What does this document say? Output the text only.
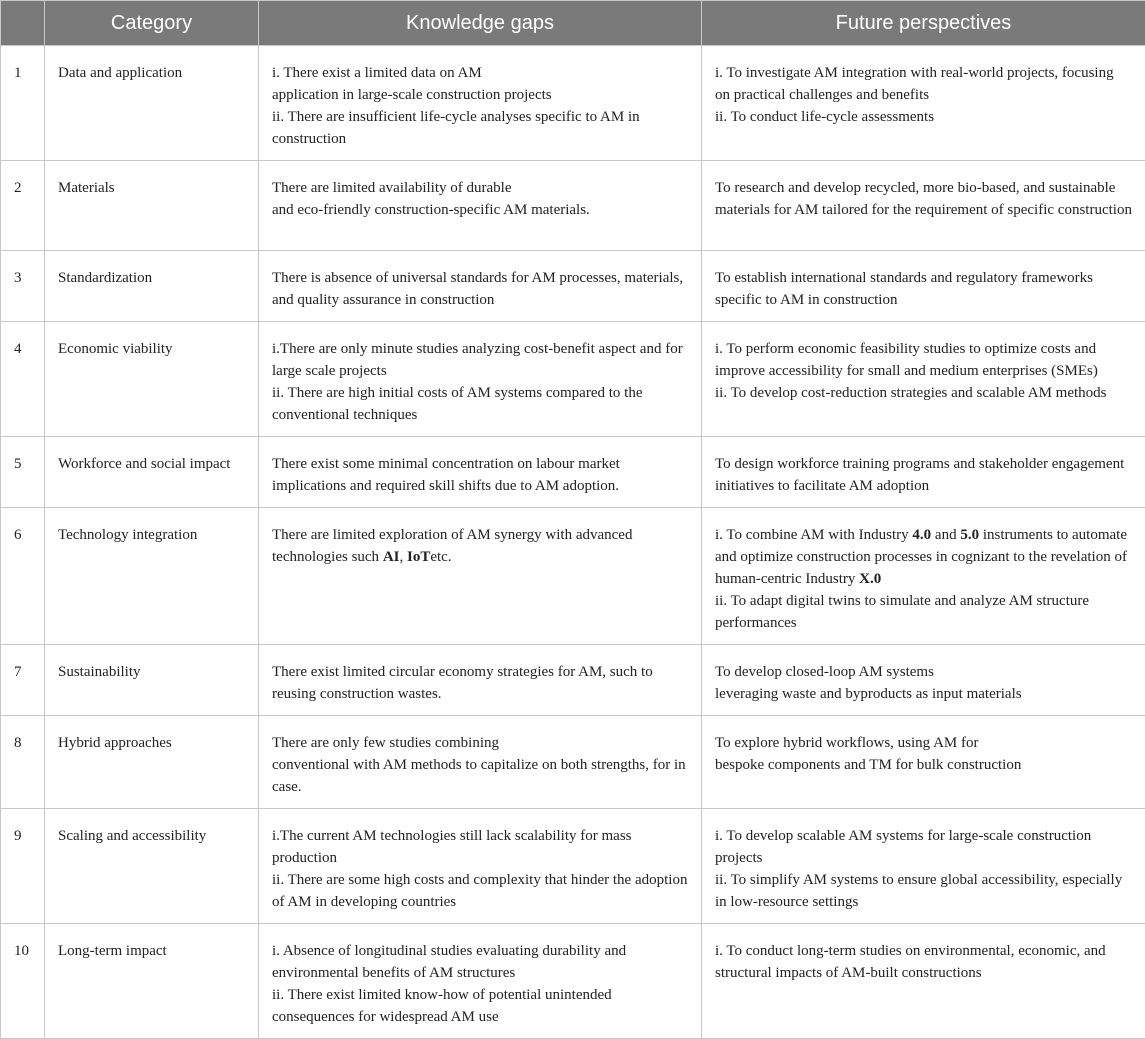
	Category	Knowledge gaps	Future perspectives
1	Data and application	i. There exist a limited data on AM
application in large-scale construction projects
ii. There are insufficient life-cycle analyses specific to AM in construction	i. To investigate AM integration with real-world projects, focusing on practical challenges and benefits
ii. To conduct life-cycle assessments

2	Materials	There are limited availability of durable
and eco-friendly construction-specific AM materials.	To research and develop recycled, more bio-based, and sustainable materials for AM tailored for the requirement of specific construction

3	Standardization	There is absence of universal standards for AM processes, materials, and quality assurance in construction	To establish international standards and regulatory frameworks specific to AM in construction

4	Economic viability	i.There are only minute studies analyzing cost-benefit aspect and for large scale projects
ii. There are high initial costs of AM systems compared to the conventional techniques	i. To perform economic feasibility studies to optimize costs and improve accessibility for small and medium enterprises (SMEs)
ii. To develop cost-reduction strategies and scalable AM methods

5	Workforce and social impact	There exist some minimal concentration on labour market implications and required skill shifts due to AM adoption.	To design workforce training programs and stakeholder engagement initiatives to facilitate AM adoption

6	Technology integration	There are limited exploration of AM synergy with advanced technologies such AI, IoTetc.	i. To combine AM with Industry 4.0 and 5.0 instruments to automate and optimize construction processes in cognizant to the revelation of human-centric Industry X.0
ii. To adapt digital twins to simulate and analyze AM structure performances

7	Sustainability	There exist limited circular economy strategies for AM, such to reusing construction wastes.	To develop closed-loop AM systems
leveraging waste and byproducts as input materials

8	Hybrid approaches	There are only few studies combining
conventional with AM methods to capitalize on both strengths, for in case.	To explore hybrid workflows, using AM for
bespoke components and TM for bulk construction

9	Scaling and accessibility	i.The current AM technologies still lack scalability for mass production
ii. There are some high costs and complexity that hinder the adoption of AM in developing countries	i. To develop scalable AM systems for large-scale construction projects
ii. To simplify AM systems to ensure global accessibility, especially in low-resource settings

10	Long-term impact	i. Absence of longitudinal studies evaluating durability and environmental benefits of AM structures
ii. There exist limited know-how of potential unintended consequences for widespread AM use	i. To conduct long-term studies on environmental, economic, and structural impacts of AM-built constructions
